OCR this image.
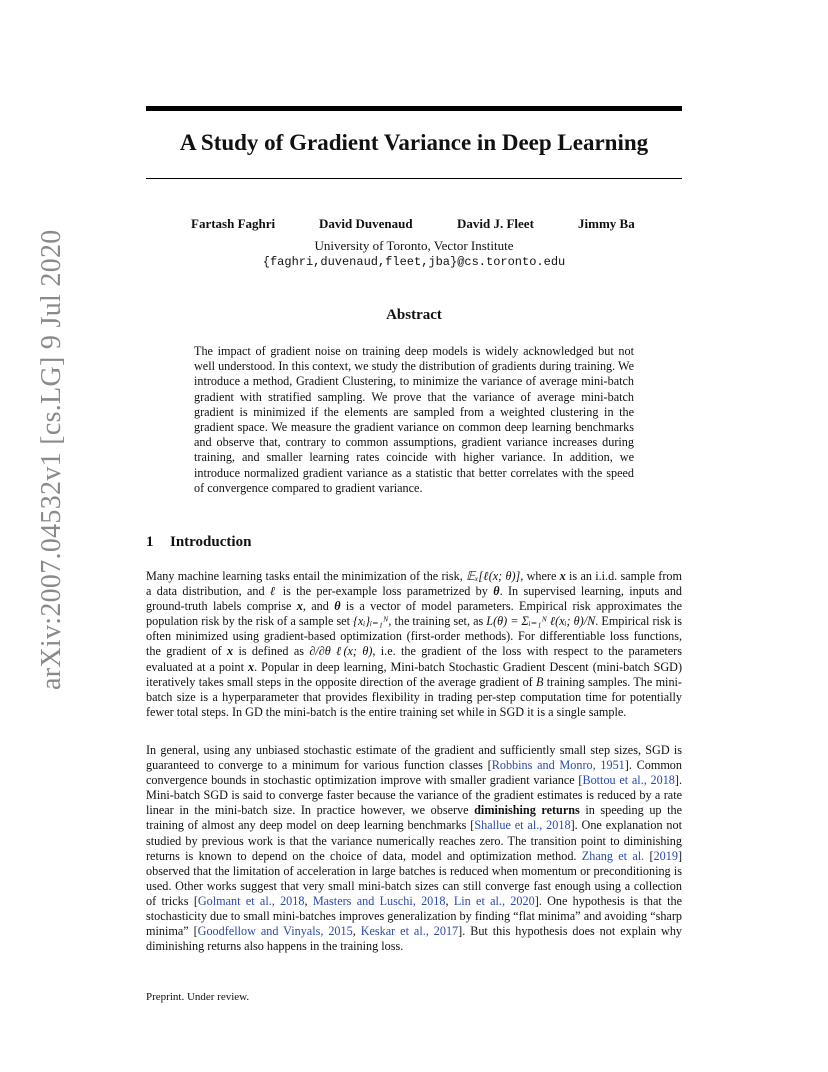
arXiv:2007.04532v1 [cs.LG] 9 Jul 2020
A Study of Gradient Variance in Deep Learning
Fartash Faghri	David Duvenaud	David J. Fleet	Jimmy Ba
University of Toronto, Vector Institute
{faghri,duvenaud,fleet,jba}@cs.toronto.edu
Abstract
The impact of gradient noise on training deep models is widely acknowledged but not well understood. In this context, we study the distribution of gradients during training. We introduce a method, Gradient Clustering, to minimize the variance of average mini-batch gradient with stratified sampling. We prove that the variance of average mini-batch gradient is minimized if the elements are sampled from a weighted clustering in the gradient space. We measure the gradient variance on common deep learning benchmarks and observe that, contrary to common assumptions, gradient variance increases during training, and smaller learning rates coincide with higher variance. In addition, we introduce normalized gradient variance as a statistic that better correlates with the speed of convergence compared to gradient variance.
1 Introduction
Many machine learning tasks entail the minimization of the risk, 𝔼ₓ[ℓ(x; θ)], where x is an i.i.d. sample from a data distribution, and ℓ is the per-example loss parametrized by θ. In supervised learning, inputs and ground-truth labels comprise x, and θ is a vector of model parameters. Empirical risk approximates the population risk by the risk of a sample set {xᵢ}ᵢ₌₁ᴺ, the training set, as L(θ) = Σᵢ₌₁ᴺ ℓ(xᵢ; θ)/N. Empirical risk is often minimized using gradient-based optimization (first-order methods). For differentiable loss functions, the gradient of x is defined as ∂/∂θ ℓ(x; θ), i.e. the gradient of the loss with respect to the parameters evaluated at a point x. Popular in deep learning, Mini-batch Stochastic Gradient Descent (mini-batch SGD) iteratively takes small steps in the opposite direction of the average gradient of B training samples. The mini-batch size is a hyperparameter that provides flexibility in trading per-step computation time for potentially fewer total steps. In GD the mini-batch is the entire training set while in SGD it is a single sample.
In general, using any unbiased stochastic estimate of the gradient and sufficiently small step sizes, SGD is guaranteed to converge to a minimum for various function classes [Robbins and Monro, 1951]. Common convergence bounds in stochastic optimization improve with smaller gradient variance [Bottou et al., 2018]. Mini-batch SGD is said to converge faster because the variance of the gradient estimates is reduced by a rate linear in the mini-batch size. In practice however, we observe diminishing returns in speeding up the training of almost any deep model on deep learning benchmarks [Shallue et al., 2018]. One explanation not studied by previous work is that the variance numerically reaches zero. The transition point to diminishing returns is known to depend on the choice of data, model and optimization method. Zhang et al. [2019] observed that the limitation of acceleration in large batches is reduced when momentum or preconditioning is used. Other works suggest that very small mini-batch sizes can still converge fast enough using a collection of tricks [Golmant et al., 2018, Masters and Luschi, 2018, Lin et al., 2020]. One hypothesis is that the stochasticity due to small mini-batches improves generalization by finding “flat minima” and avoiding “sharp minima” [Goodfellow and Vinyals, 2015, Keskar et al., 2017]. But this hypothesis does not explain why diminishing returns also happens in the training loss.
Preprint. Under review.
